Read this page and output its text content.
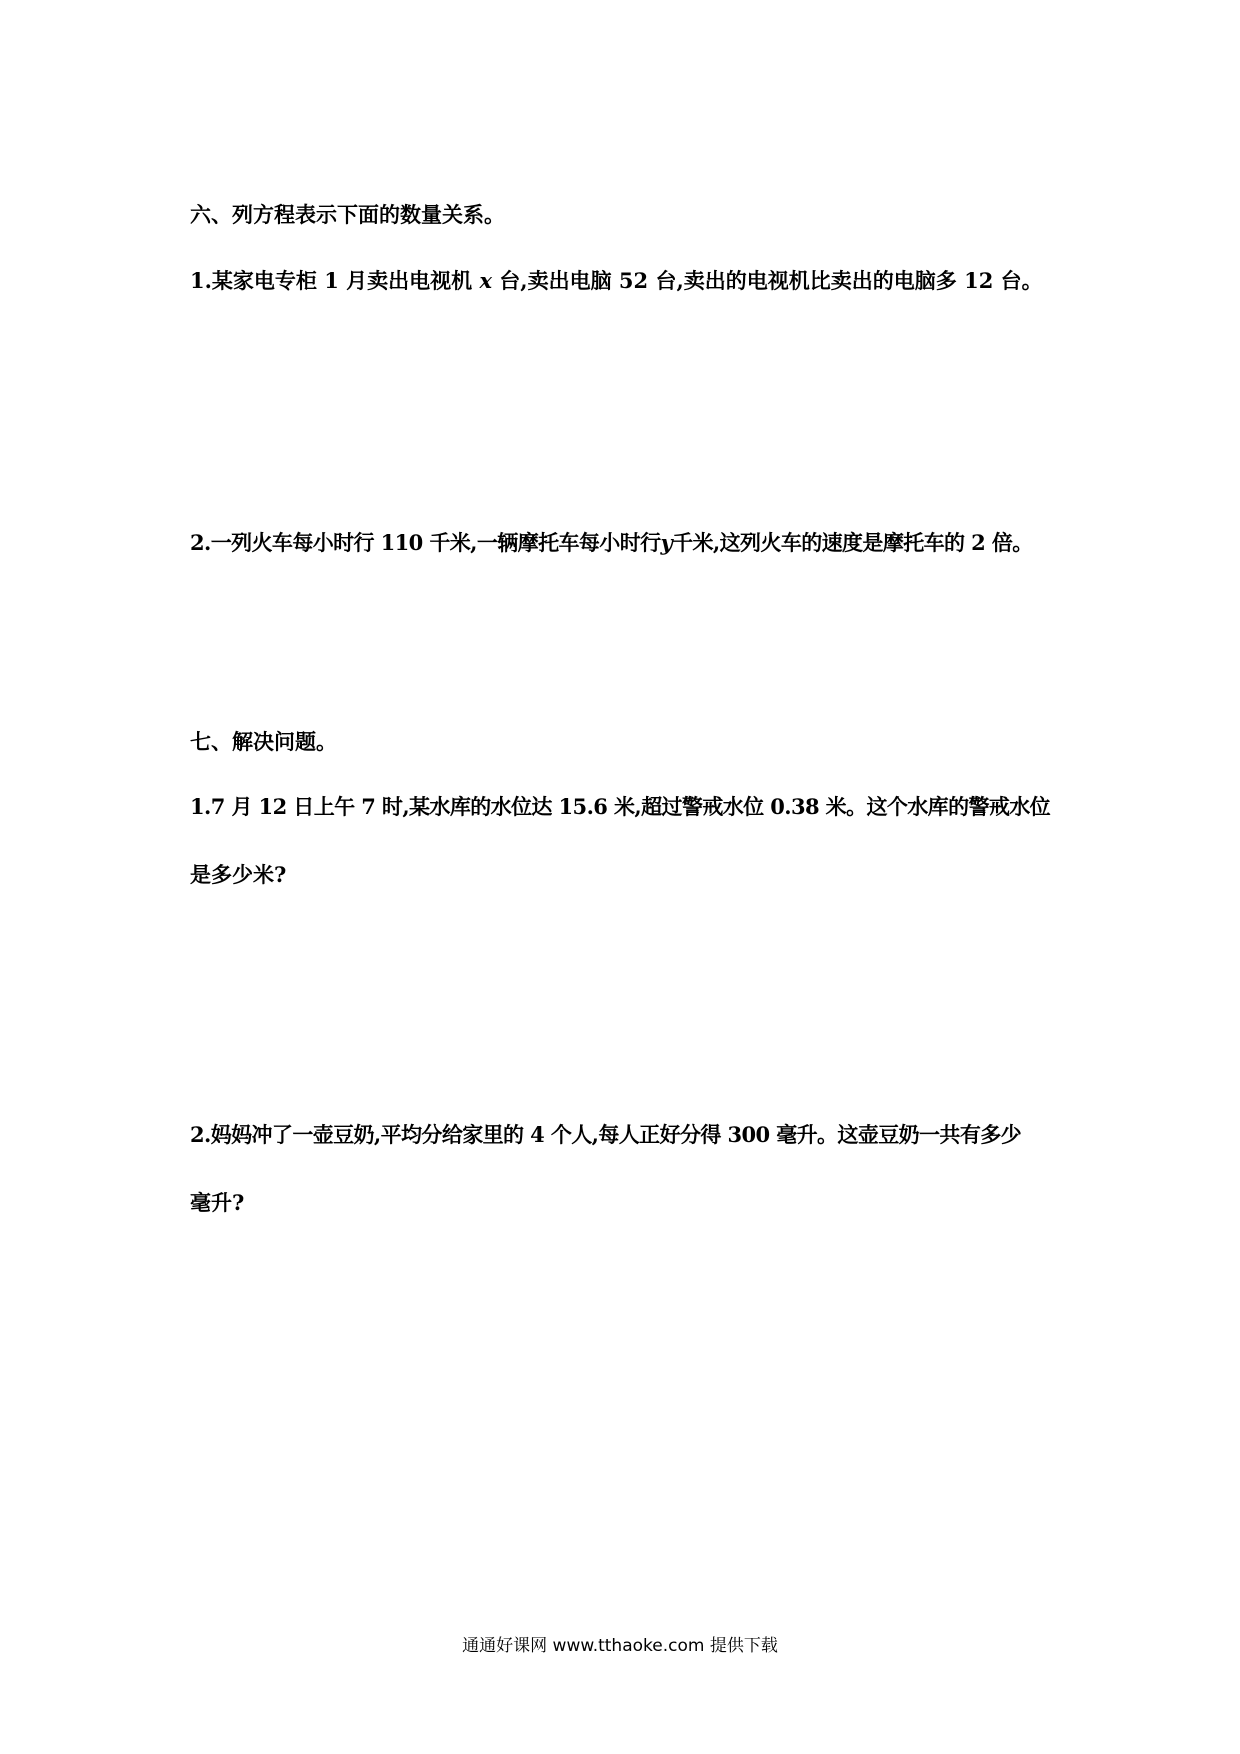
六、列方程表示下面的数量关系。

1.某家电专柜 1 月卖出电视机 x 台,卖出电脑 52 台,卖出的电视机比卖出的电脑多 12 台。

2.一列火车每小时行 110 千米,一辆摩托车每小时行y千米,这列火车的速度是摩托车的 2 倍。

七、解决问题。

1.7 月 12 日上午 7 时,某水库的水位达 15.6 米,超过警戒水位 0.38 米。这个水库的警戒水位

是多少米?

2.妈妈冲了一壶豆奶,平均分给家里的 4 个人,每人正好分得 300 毫升。这壶豆奶一共有多少

毫升?

通通好课网 www.tthaoke.com 提供下载
